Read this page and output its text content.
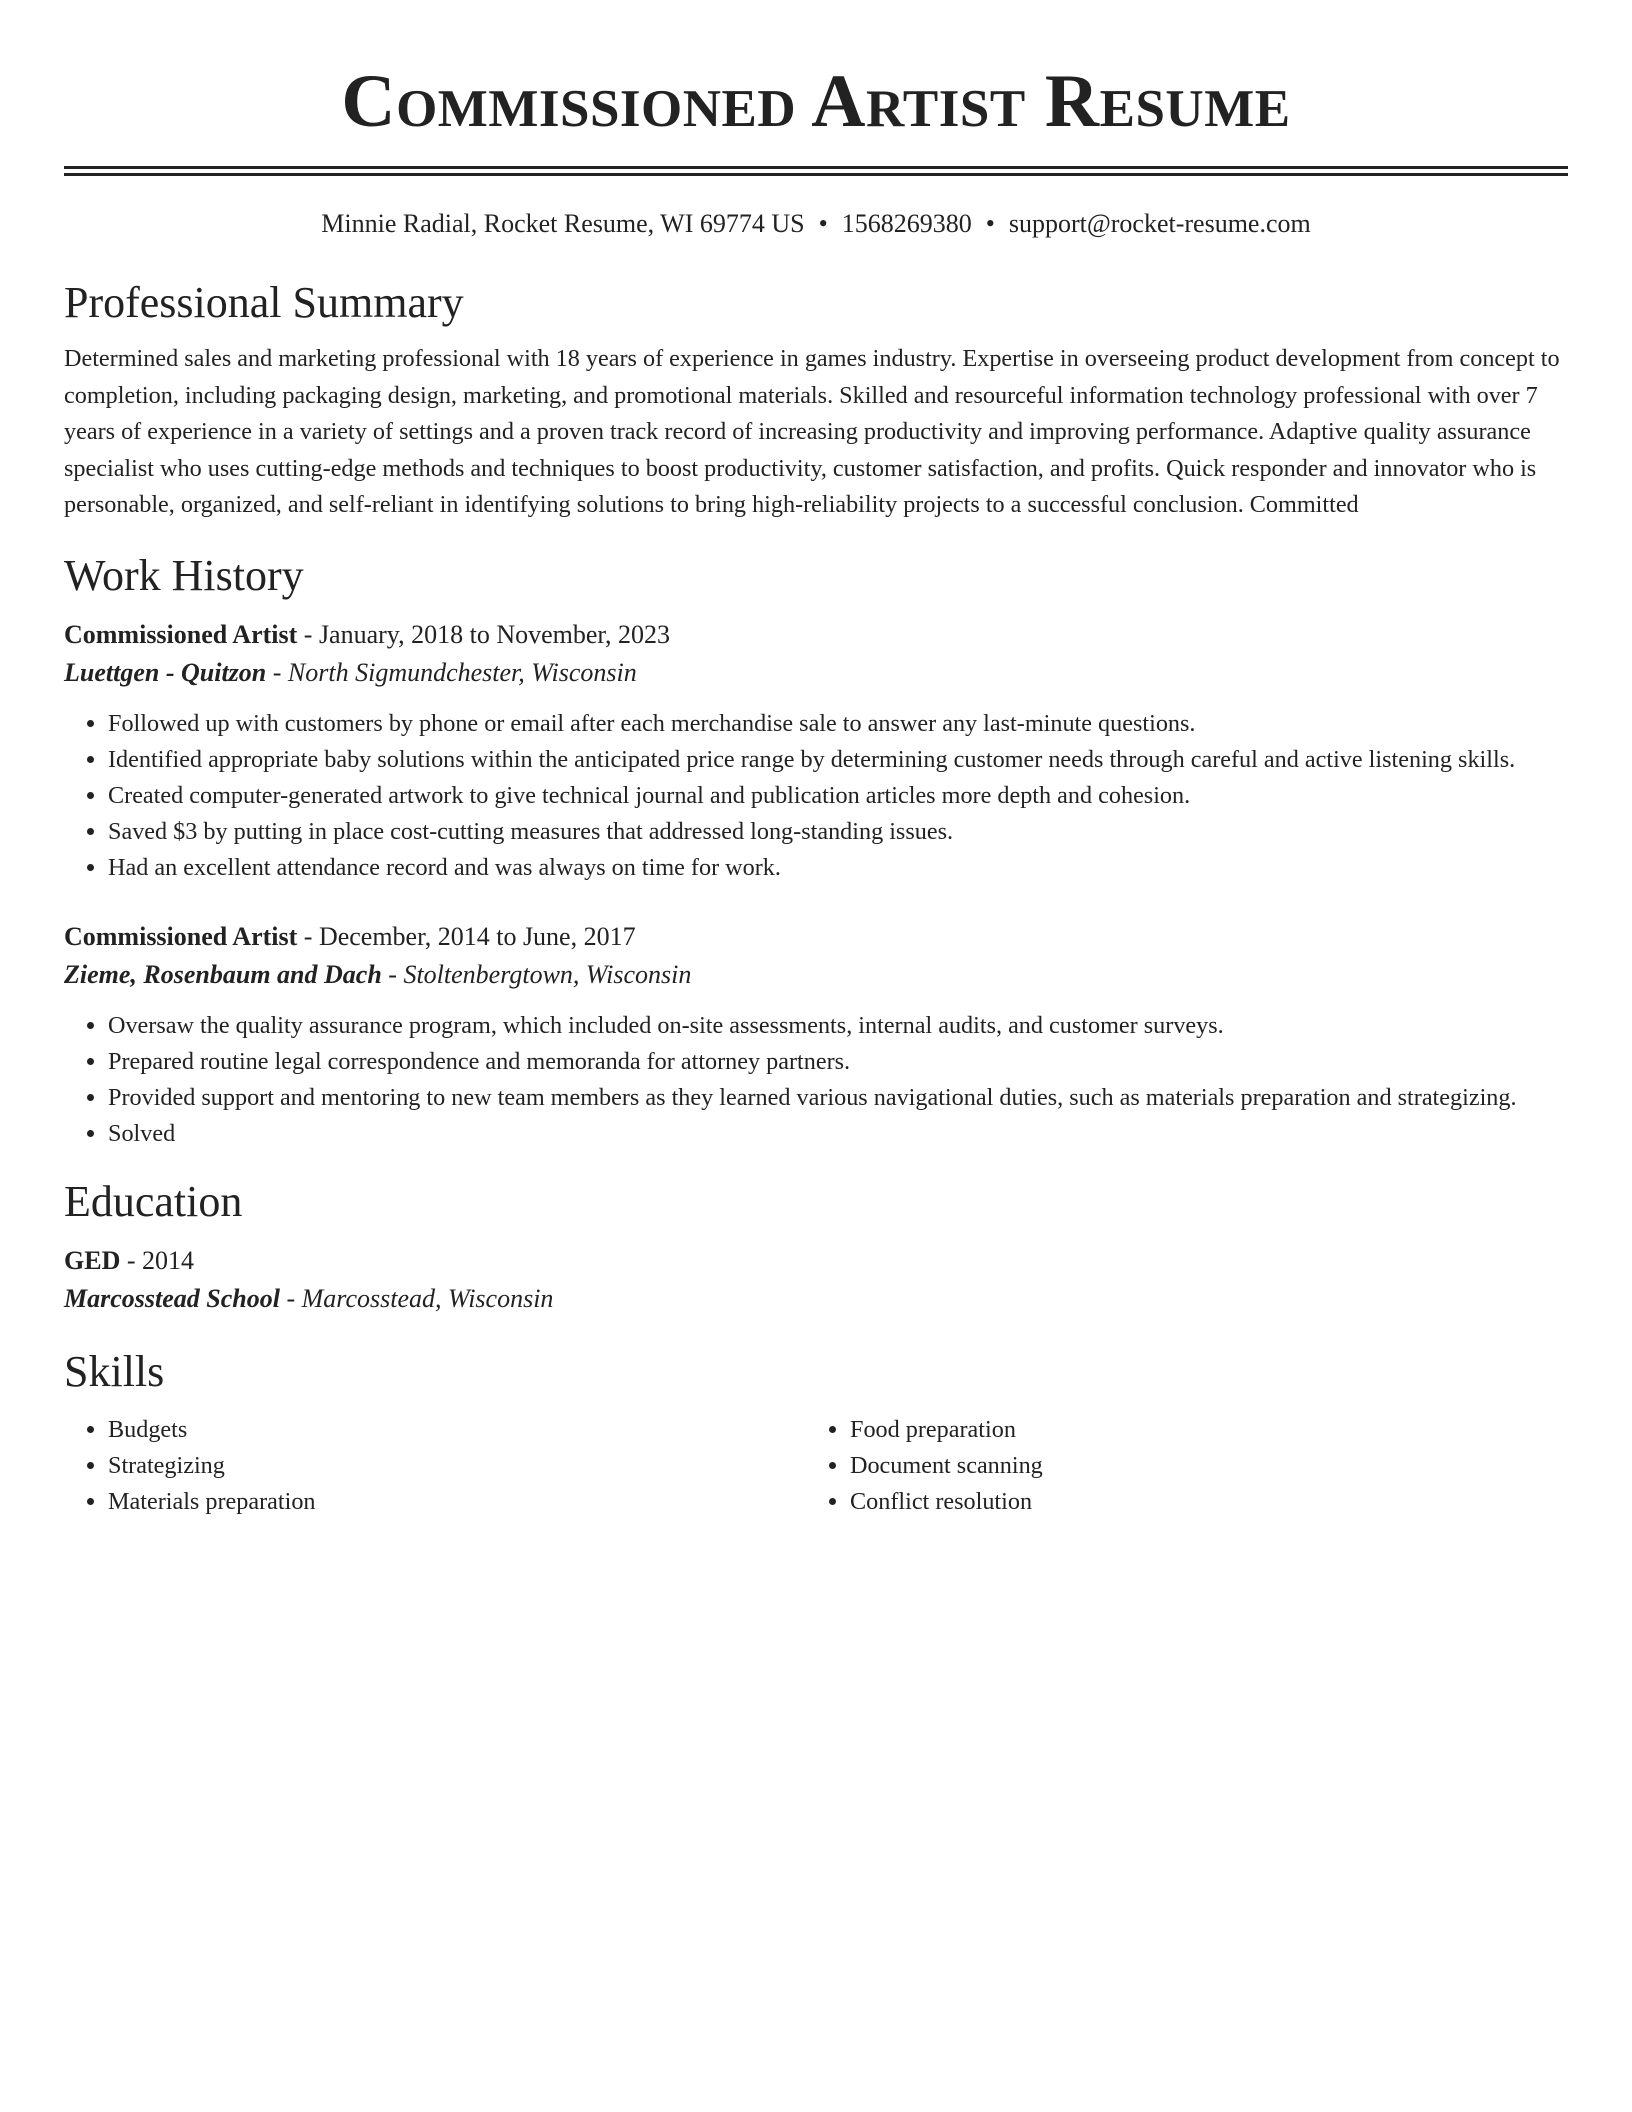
Commissioned Artist Resume
Minnie Radial, Rocket Resume, WI 69774 US • 1568269380 • support@rocket-resume.com
Professional Summary

Determined sales and marketing professional with 18 years of experience in games industry. Expertise in overseeing product development from concept to completion, including packaging design, marketing, and promotional materials. Skilled and resourceful information technology professional with over 7 years of experience in a variety of settings and a proven track record of increasing productivity and improving performance. Adaptive quality assurance specialist who uses cutting-edge methods and techniques to boost productivity, customer satisfaction, and profits. Quick responder and innovator who is personable, organized, and self-reliant in identifying solutions to bring high-reliability projects to a successful conclusion. Committed

Work History
Commissioned Artist - January, 2018 to November, 2023
Luettgen - Quitzon - North Sigmundchester, Wisconsin
• Followed up with customers by phone or email after each merchandise sale to answer any last-minute questions.
• Identified appropriate baby solutions within the anticipated price range by determining customer needs through careful and active listening skills.
• Created computer-generated artwork to give technical journal and publication articles more depth and cohesion.
• Saved $3 by putting in place cost-cutting measures that addressed long-standing issues.
• Had an excellent attendance record and was always on time for work.
Commissioned Artist - December, 2014 to June, 2017
Zieme, Rosenbaum and Dach - Stoltenbergtown, Wisconsin
• Oversaw the quality assurance program, which included on-site assessments, internal audits, and customer surveys.
• Prepared routine legal correspondence and memoranda for attorney partners.
• Provided support and mentoring to new team members as they learned various navigational duties, such as materials preparation and strategizing.
• Solved
Education
GED - 2014
Marcosstead School - Marcosstead, Wisconsin
Skills
• Budgets
• Strategizing
• Materials preparation
• Food preparation
• Document scanning
• Conflict resolution
